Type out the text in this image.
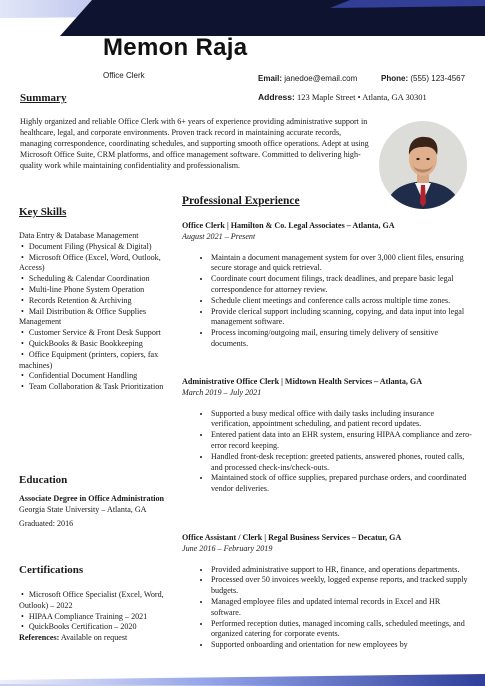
Memon Raja
Office Clerk	Email: janedoe@email.com	Phone: (555) 123-4567
Address: 123 Maple Street • Atlanta, GA 30301
Summary

Highly organized and reliable Office Clerk with 6+ years of experience providing administrative support in healthcare, legal, and corporate environments. Proven track record in maintaining accurate records, managing correspondence, coordinating schedules, and supporting smooth office operations. Adept at using Microsoft Office Suite, CRM platforms, and office management software. Committed to delivering high-quality work while maintaining confidentiality and professionalism.

Key Skills
Data Entry & Database Management
• Document Filing (Physical & Digital)
• Microsoft Office (Excel, Word, Outlook, Access)
• Scheduling & Calendar Coordination
• Multi-line Phone System Operation
• Records Retention & Archiving
• Mail Distribution & Office Supplies Management
• Customer Service & Front Desk Support
• QuickBooks & Basic Bookkeeping
• Office Equipment (printers, copiers, fax machines)
• Confidential Document Handling
• Team Collaboration & Task Prioritization
Education
Associate Degree in Office Administration
Georgia State University – Atlanta, GA
Graduated: 2016
Certifications
• Microsoft Office Specialist (Excel, Word, Outlook) – 2022
• HIPAA Compliance Training – 2021
• QuickBooks Certification – 2020
References: Available on request
Professional Experience

Office Clerk | Hamilton & Co. Legal Associates – Atlanta, GA

August 2021 – Present

• Maintain a document management system for over 3,000 client files, ensuring secure storage and quick retrieval.
• Coordinate court document filings, track deadlines, and prepare basic legal correspondence for attorney review.
• Schedule client meetings and conference calls across multiple time zones.
• Provide clerical support including scanning, copying, and data input into legal management software.
• Process incoming/outgoing mail, ensuring timely delivery of sensitive documents.

Administrative Office Clerk | Midtown Health Services – Atlanta, GA

March 2019 – July 2021

• Supported a busy medical office with daily tasks including insurance verification, appointment scheduling, and patient record updates.
• Entered patient data into an EHR system, ensuring HIPAA compliance and zero-error record keeping.
• Handled front-desk reception: greeted patients, answered phones, routed calls, and processed check-ins/check-outs.
• Maintained stock of office supplies, prepared purchase orders, and coordinated vendor deliveries.

Office Assistant / Clerk | Regal Business Services – Decatur, GA

June 2016 – February 2019

• Provided administrative support to HR, finance, and operations departments.
• Processed over 50 invoices weekly, logged expense reports, and tracked supply budgets.
• Managed employee files and updated internal records in Excel and HR software.
• Performed reception duties, managed incoming calls, scheduled meetings, and organized catering for corporate events.
• Supported onboarding and orientation for new employees by
